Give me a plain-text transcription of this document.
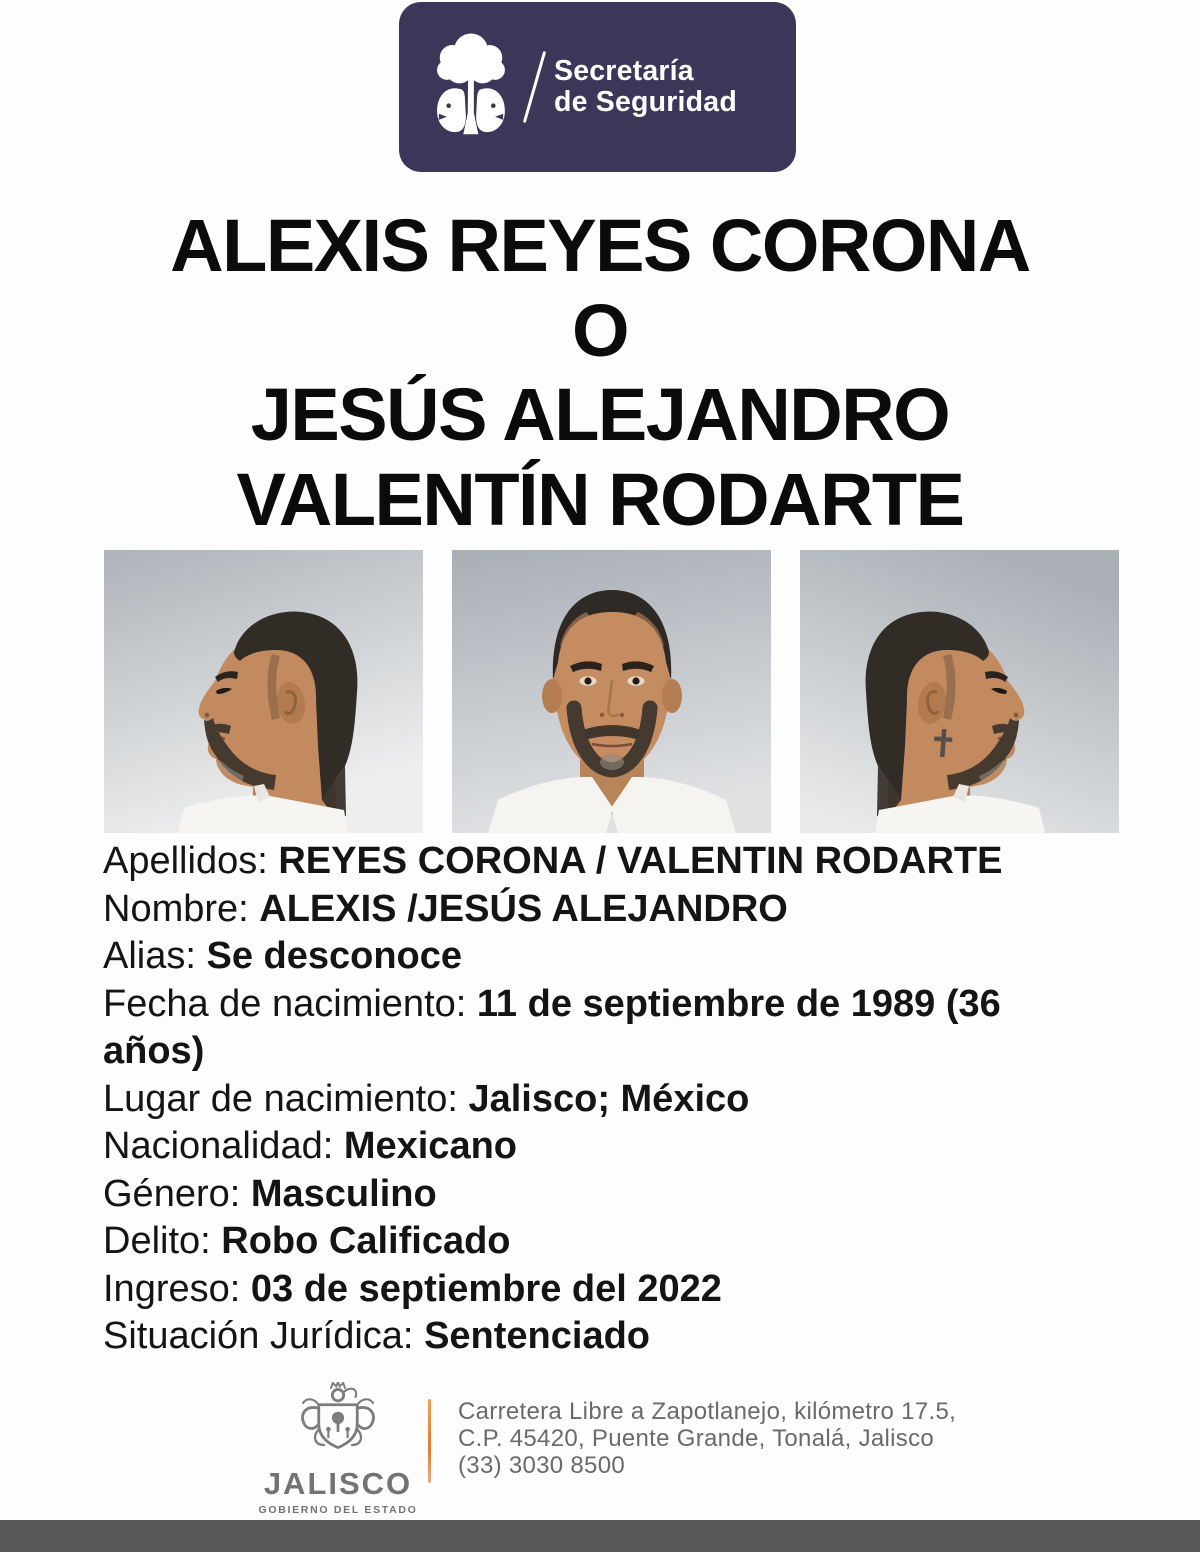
Secretaría
de Seguridad
ALEXIS REYES CORONA
O
JESÚS ALEJANDRO
VALENTÍN RODARTE
Apellidos: REYES CORONA / VALENTIN RODARTE
Nombre: ALEXIS /JESÚS ALEJANDRO
Alias: Se desconoce
Fecha de nacimiento: 11 de septiembre de 1989 (36 años)
Lugar de nacimiento: Jalisco; México
Nacionalidad: Mexicano
Género: Masculino
Delito: Robo Calificado
Ingreso: 03 de septiembre del 2022
Situación Jurídica: Sentenciado
JALISCO
GOBIERNO DEL ESTADO
Carretera Libre a Zapotlanejo, kilómetro 17.5,
C.P. 45420, Puente Grande, Tonalá, Jalisco
(33) 3030 8500
